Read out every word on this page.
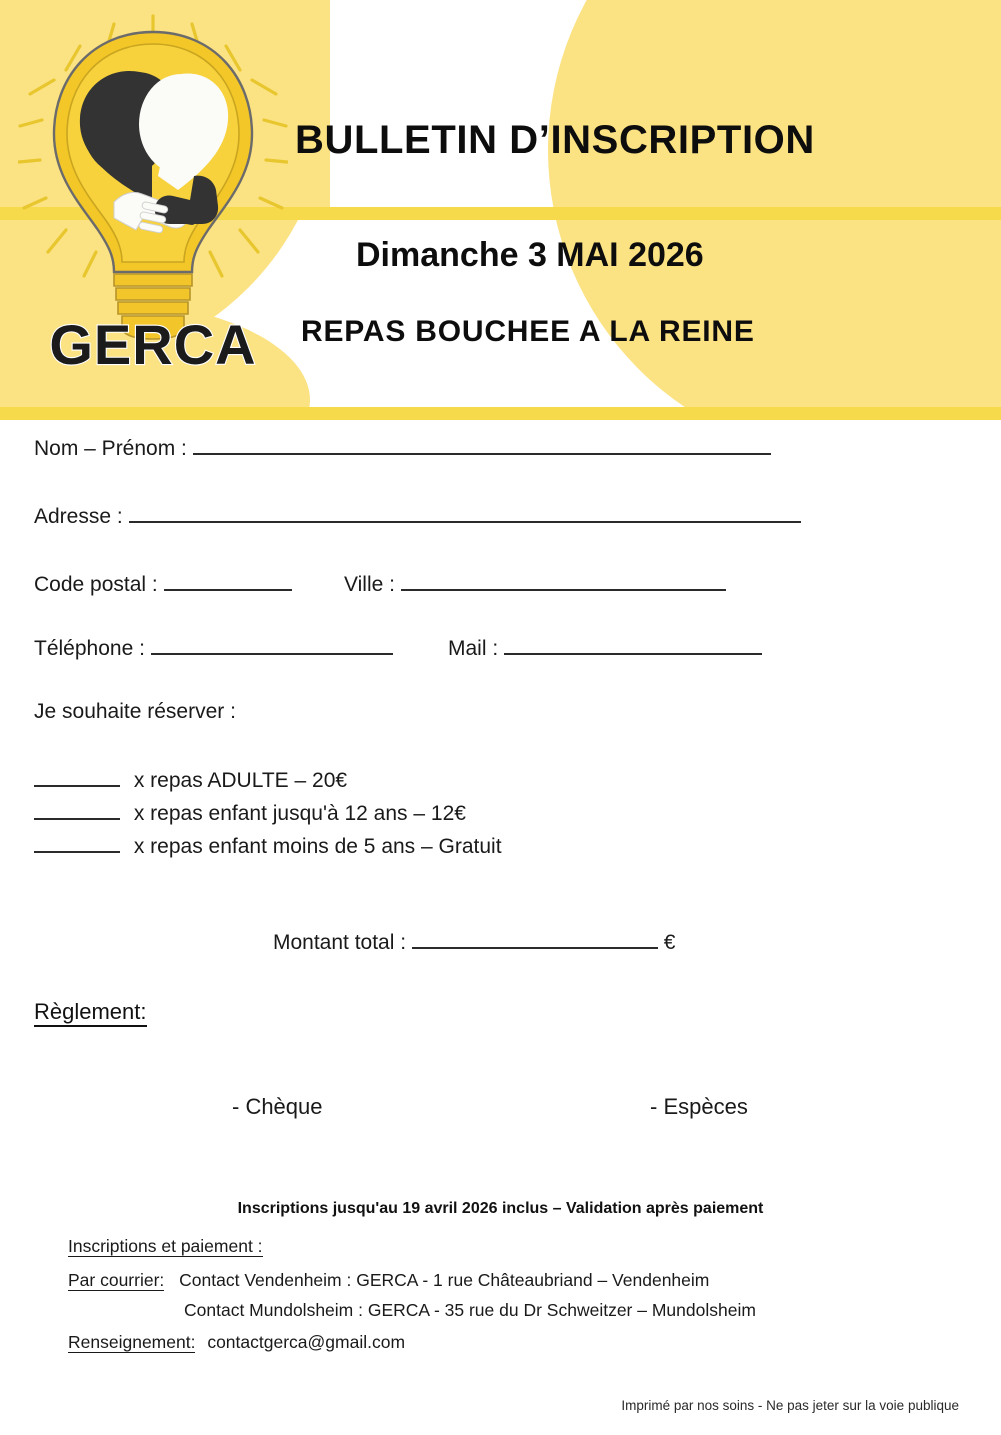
GERCA
BULLETIN D’INSCRIPTION
Dimanche 3 MAI 2026
REPAS BOUCHEE A LA REINE
Nom – Prénom :
Adresse :
Code postal :	Ville :
Téléphone :	Mail :
Je souhaite réserver :
x repas ADULTE – 20€
x repas enfant jusqu'à 12 ans – 12€
x repas enfant moins de 5 ans – Gratuit
Montant total :	€
Règlement:
- Chèque	- Espèces
Inscriptions jusqu'au 19 avril 2026 inclus – Validation après paiement
Inscriptions et paiement :
Par courrier: Contact Vendenheim : GERCA - 1 rue Châteaubriand – Vendenheim
Contact Mundolsheim : GERCA - 35 rue du Dr Schweitzer – Mundolsheim
Renseignement: contactgerca@gmail.com
Imprimé par nos soins - Ne pas jeter sur la voie publique
